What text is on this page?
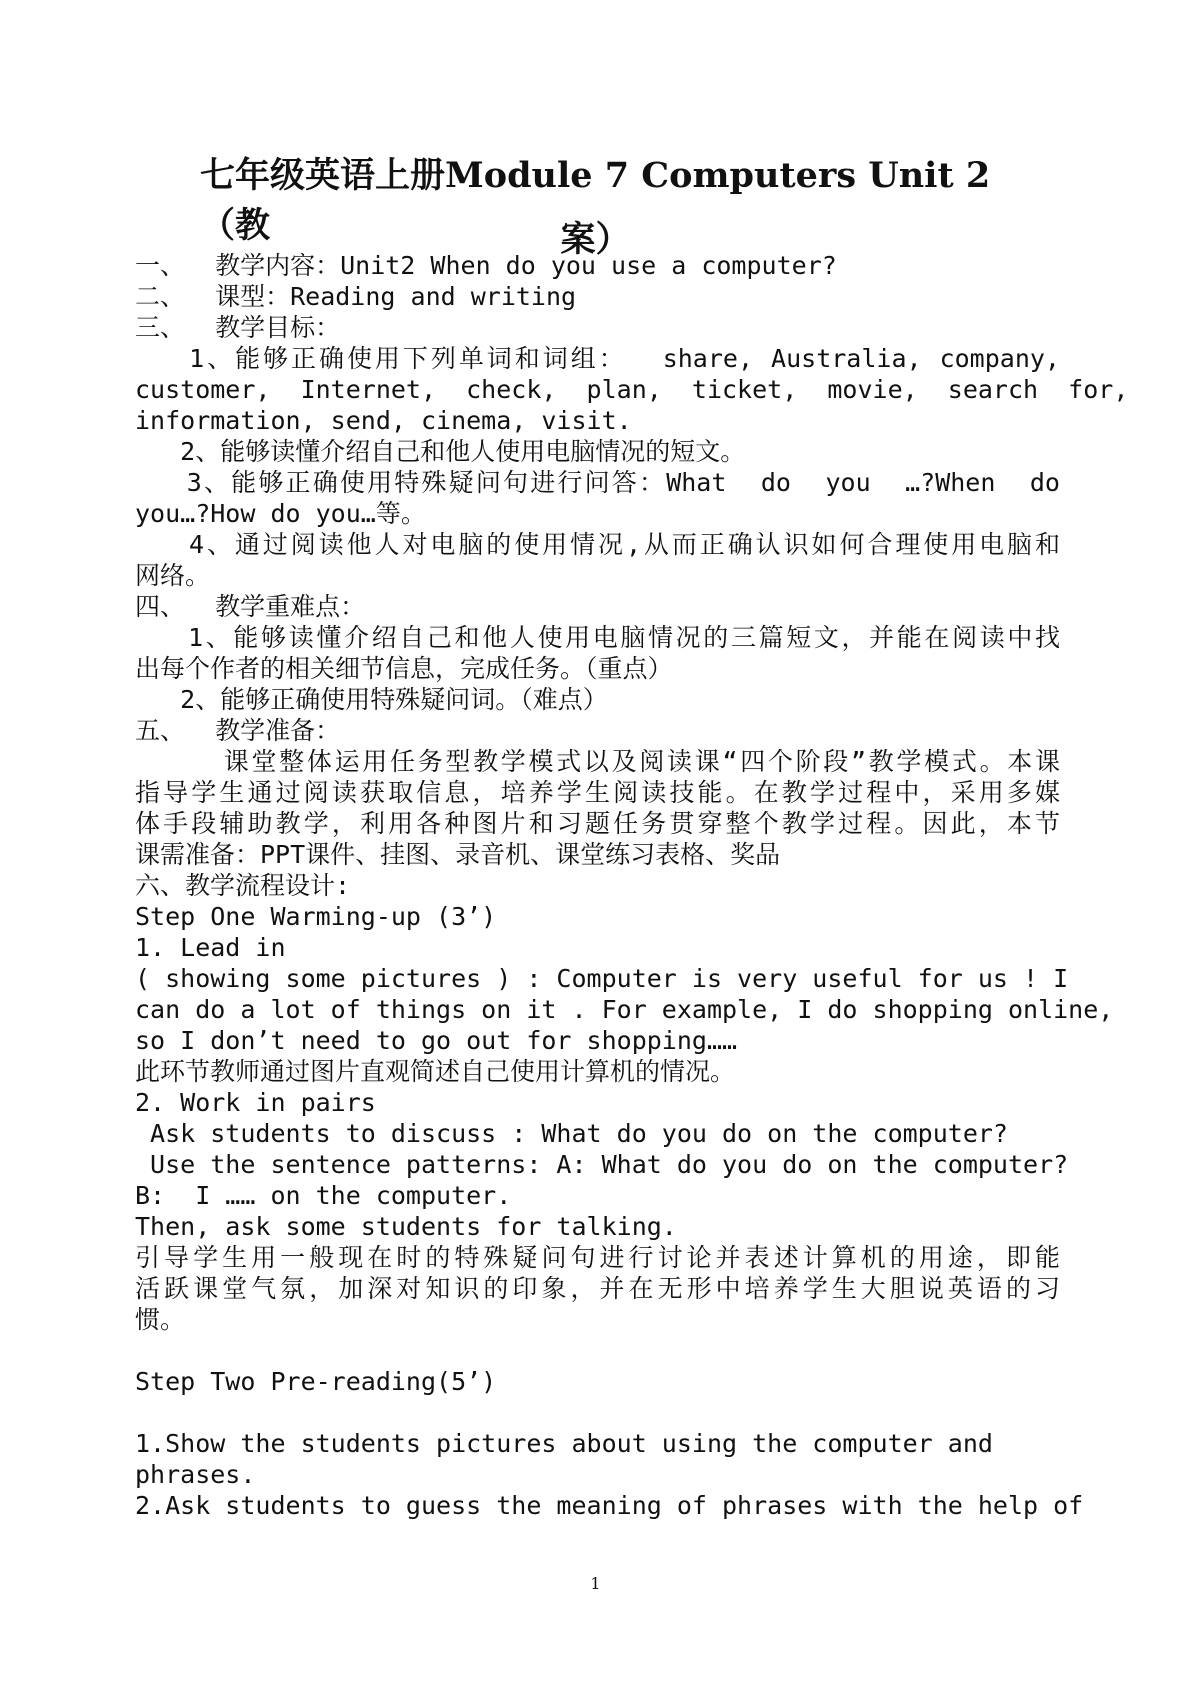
七年级英语上册Module 7 Computers Unit 2（教	案）
一、  教学内容：Unit2 When do you use a computer?
二、  课型：Reading and writing
三、  教学目标：
1、能够正确使用下列单词和词组：  share, Australia, company,
customer,  Internet,  check,  plan,  ticket,  movie,  search  for,
information, send, cinema, visit.
2、能够读懂介绍自己和他人使用电脑情况的短文。
3、能够正确使用特殊疑问句进行问答：What  do  you  …?When  do
you…?How do you…等。
4、通过阅读他人对电脑的使用情况,从而正确认识如何合理使用电脑和
网络。
四、  教学重难点：
1、能够读懂介绍自己和他人使用电脑情况的三篇短文，并能在阅读中找
出每个作者的相关细节信息，完成任务。（重点）
2、能够正确使用特殊疑问词。（难点）
五、  教学准备：
课堂整体运用任务型教学模式以及阅读课“四个阶段”教学模式。本课
指导学生通过阅读获取信息，培养学生阅读技能。在教学过程中，采用多媒
体手段辅助教学，利用各种图片和习题任务贯穿整个教学过程。因此，本节
课需准备：PPT课件、挂图、录音机、课堂练习表格、奖品
六、教学流程设计:
Step One Warming-up (3’)
1. Lead in
( showing some pictures ) : Computer is very useful for us ! I
can do a lot of things on it . For example, I do shopping online,
so I don’t need to go out for shopping……
此环节教师通过图片直观简述自己使用计算机的情况。
2. Work in pairs
Ask students to discuss : What do you do on the computer?
Use the sentence patterns: A: What do you do on the computer?
B:  I …… on the computer.
Then, ask some students for talking.
引导学生用一般现在时的特殊疑问句进行讨论并表述计算机的用途，即能
活跃课堂气氛，加深对知识的印象，并在无形中培养学生大胆说英语的习
惯。
Step Two Pre-reading(5’)
1.Show the students pictures about using the computer and
phrases.
2.Ask students to guess the meaning of phrases with the help of
1
